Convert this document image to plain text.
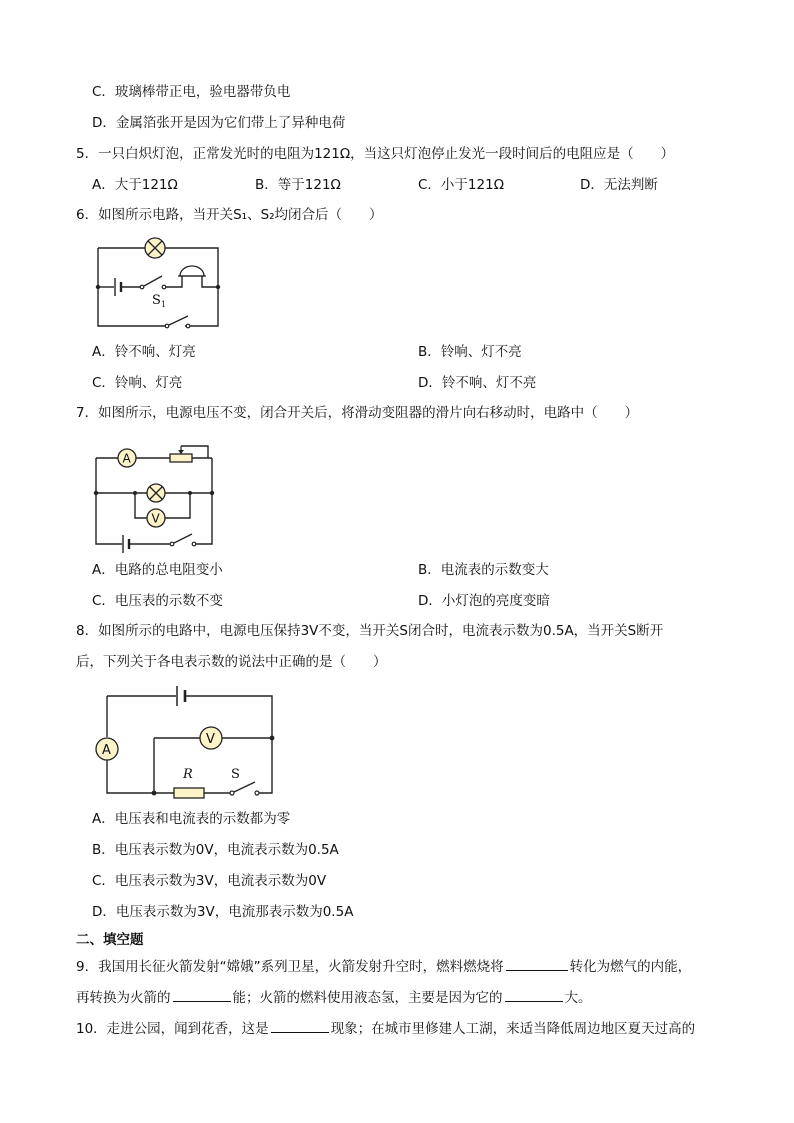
C．玻璃棒带正电，验电器带负电
D．金属箔张开是因为它们带上了异种电荷
5．一只白炽灯泡，正常发光时的电阻为121Ω，当这只灯泡停止发光一段时间后的电阻应是（　　）
A．大于121Ω	B．等于121Ω	C．小于121Ω	D．无法判断
6．如图所示电路，当开关S₁、S₂均闭合后（　　）
S 1
A．铃不响、灯亮	B．铃响、灯不亮
C．铃响、灯亮	D．铃不响、灯不亮
7．如图所示，电源电压不变，闭合开关后，将滑动变阻器的滑片向右移动时，电路中（　　）
A
V
A．电路的总电阻变小	B．电流表的示数变大
C．电压表的示数不变	D．小灯泡的亮度变暗
8．如图所示的电路中，电源电压保持3V不变，当开关S闭合时，电流表示数为0.5A，当开关S断开
后，下列关于各电表示数的说法中正确的是（　　）
A
V
R	S
A．电压表和电流表的示数都为零
B．电压表示数为0V，电流表示数为0.5A
C．电压表示数为3V，电流表示数为0V
D．电压表示数为3V，电流那表示数为0.5A
二、填空题
9．我国用长征火箭发射“嫦娥”系列卫星，火箭发射升空时，燃料燃烧将	转化为燃气的内能，
再转换为火箭的	能；火箭的燃料使用液态氢，主要是因为它的	大。
10．走进公园，闻到花香，这是	现象；在城市里修建人工湖，来适当降低周边地区夏天过高的
